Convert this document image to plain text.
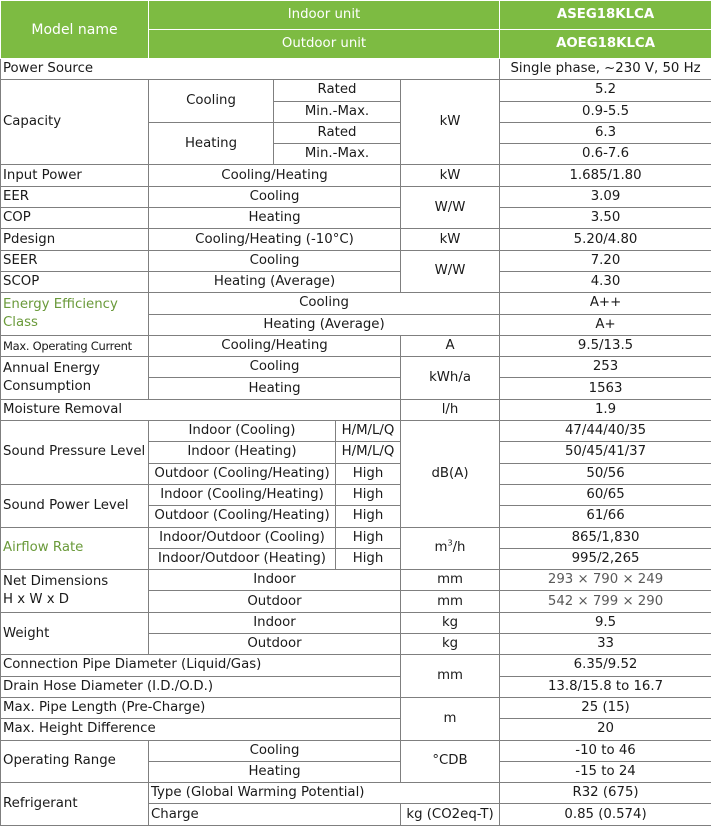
Model name	Indoor unit				ASEG18KLCA
	Outdoor unit				AOEG18KLCA
Power Source					Single phase, ~230 V, 50 Hz
Capacity	Cooling	Rated		kW	5.2
		Min.-Max.			0.9-5.5
	Heating	Rated			6.3
		Min.-Max.			0.6-7.6
Input Power	Cooling/Heating			kW	1.685/1.80
EER	Cooling			W/W	3.09
COP	Heating				3.50
Pdesign	Cooling/Heating (-10°C)			kW	5.20/4.80
SEER	Cooling			W/W	7.20
SCOP	Heating (Average)				4.30
Energy Efficiency
Class	Cooling				A++
	Heating (Average)				A+
Max. Operating Current	Cooling/Heating			A	9.5/13.5
Annual Energy
Consumption	Cooling			kWh/a	253
	Heating				1563
Moisture Removal				l/h	1.9
Sound Pressure Level	Indoor (Cooling)		H/M/L/Q	dB(A)	47/44/40/35
	Indoor (Heating)		H/M/L/Q		50/45/41/37
	Outdoor (Cooling/Heating)		High		50/56
Sound Power Level	Indoor (Cooling/Heating)		High		60/65
	Outdoor (Cooling/Heating)		High		61/66
Airflow Rate	Indoor/Outdoor (Cooling)		High	$m^3/h$	865/1,830
	Indoor/Outdoor (Heating)		High		995/2,265
Net Dimensions
H x W x D	Indoor			mm	293 × 790 × 249
	Outdoor			mm	542 × 799 × 290
Weight	Indoor			kg	9.5
	Outdoor			kg	33
Connection Pipe Diameter (Liquid/Gas)				mm	6.35/9.52
Drain Hose Diameter (I.D./O.D.)					13.8/15.8 to 16.7
Max. Pipe Length (Pre-Charge)				m	25 (15)
Max. Height Difference					20
Operating Range	Cooling			°CDB	-10 to 46
	Heating				-15 to 24
Refrigerant	Type (Global Warming Potential)				R32 (675)
	Charge			kg (CO2eq-T)	0.85 (0.574)
